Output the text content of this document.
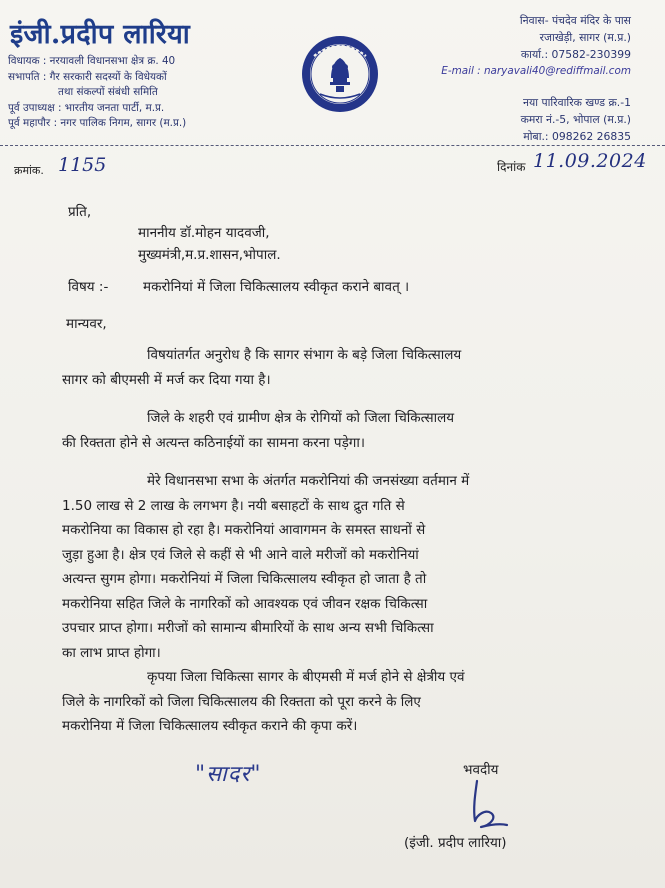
इंजी.प्रदीप लारिया
विधायक : नरयावली विधानसभा क्षेत्र क्र. 40
सभापति : गैर सरकारी सदस्यों के विधेयकों
तथा संकल्पों संबंधी समिति
पूर्व उपाध्यक्ष : भारतीय जनता पार्टी, म.प्र.
पूर्व महापौर : नगर पालिक निगम, सागर (म.प्र.)
निवास- पंचदेव मंदिर के पास
रजाखेड़ी, सागर (म.प्र.)
कार्या.: 07582-230399
E-mail : naryavali40@rediffmail.com
नया पारिवारिक खण्ड क्र.-1
कमरा नं.-5, भोपाल (म.प्र.)
मोबा.: 098262 26835
क्रमांक. 1155	दिनांक 11.09.2024
प्रति,
माननीय डॉ.मोहन यादवजी,
मुख्यमंत्री,म.प्र.शासन,भोपाल.
विषय :-	मकरोनियां में जिला चिकित्सालय स्वीकृत कराने बावत् ।
मान्यवर,
विषयांतर्गत अनुरोध है कि सागर संभाग के बड़े जिला चिकित्सालय
सागर को बीएमसी में मर्ज कर दिया गया है।
जिले के शहरी एवं ग्रामीण क्षेत्र के रोगियों को जिला चिकित्सालय
की रिक्तता होने से अत्यन्त कठिनाईयों का सामना करना पड़ेगा।
मेरे विधानसभा सभा के अंतर्गत मकरोनियां की जनसंख्या वर्तमान में
1.50 लाख से 2 लाख के लगभग है। नयी बसाहटों के साथ द्रुत गति से
मकरोनिया का विकास हो रहा है। मकरोनियां आवागमन के समस्त साधनों से
जुड़ा हुआ है। क्षेत्र एवं जिले से कहीं से भी आने वाले मरीजों को मकरोनियां
अत्यन्त सुगम होगा। मकरोनियां में जिला चिकित्सालय स्वीकृत हो जाता है तो
मकरोनिया सहित जिले के नागरिकों को आवश्यक एवं जीवन रक्षक चिकित्सा
उपचार प्राप्त होगा। मरीजों को सामान्य बीमारियों के साथ अन्य सभी चिकित्सा
का लाभ प्राप्त होगा।
कृपया जिला चिकित्सा सागर के बीएमसी में मर्ज होने से क्षेत्रीय एवं
जिले के नागरिकों को जिला चिकित्सालय की रिक्तता को पूरा करने के लिए
मकरोनिया में जिला चिकित्सालय स्वीकृत कराने की कृपा करें।
"सादर"	भवदीय
(इंजी. प्रदीप लारिया)
